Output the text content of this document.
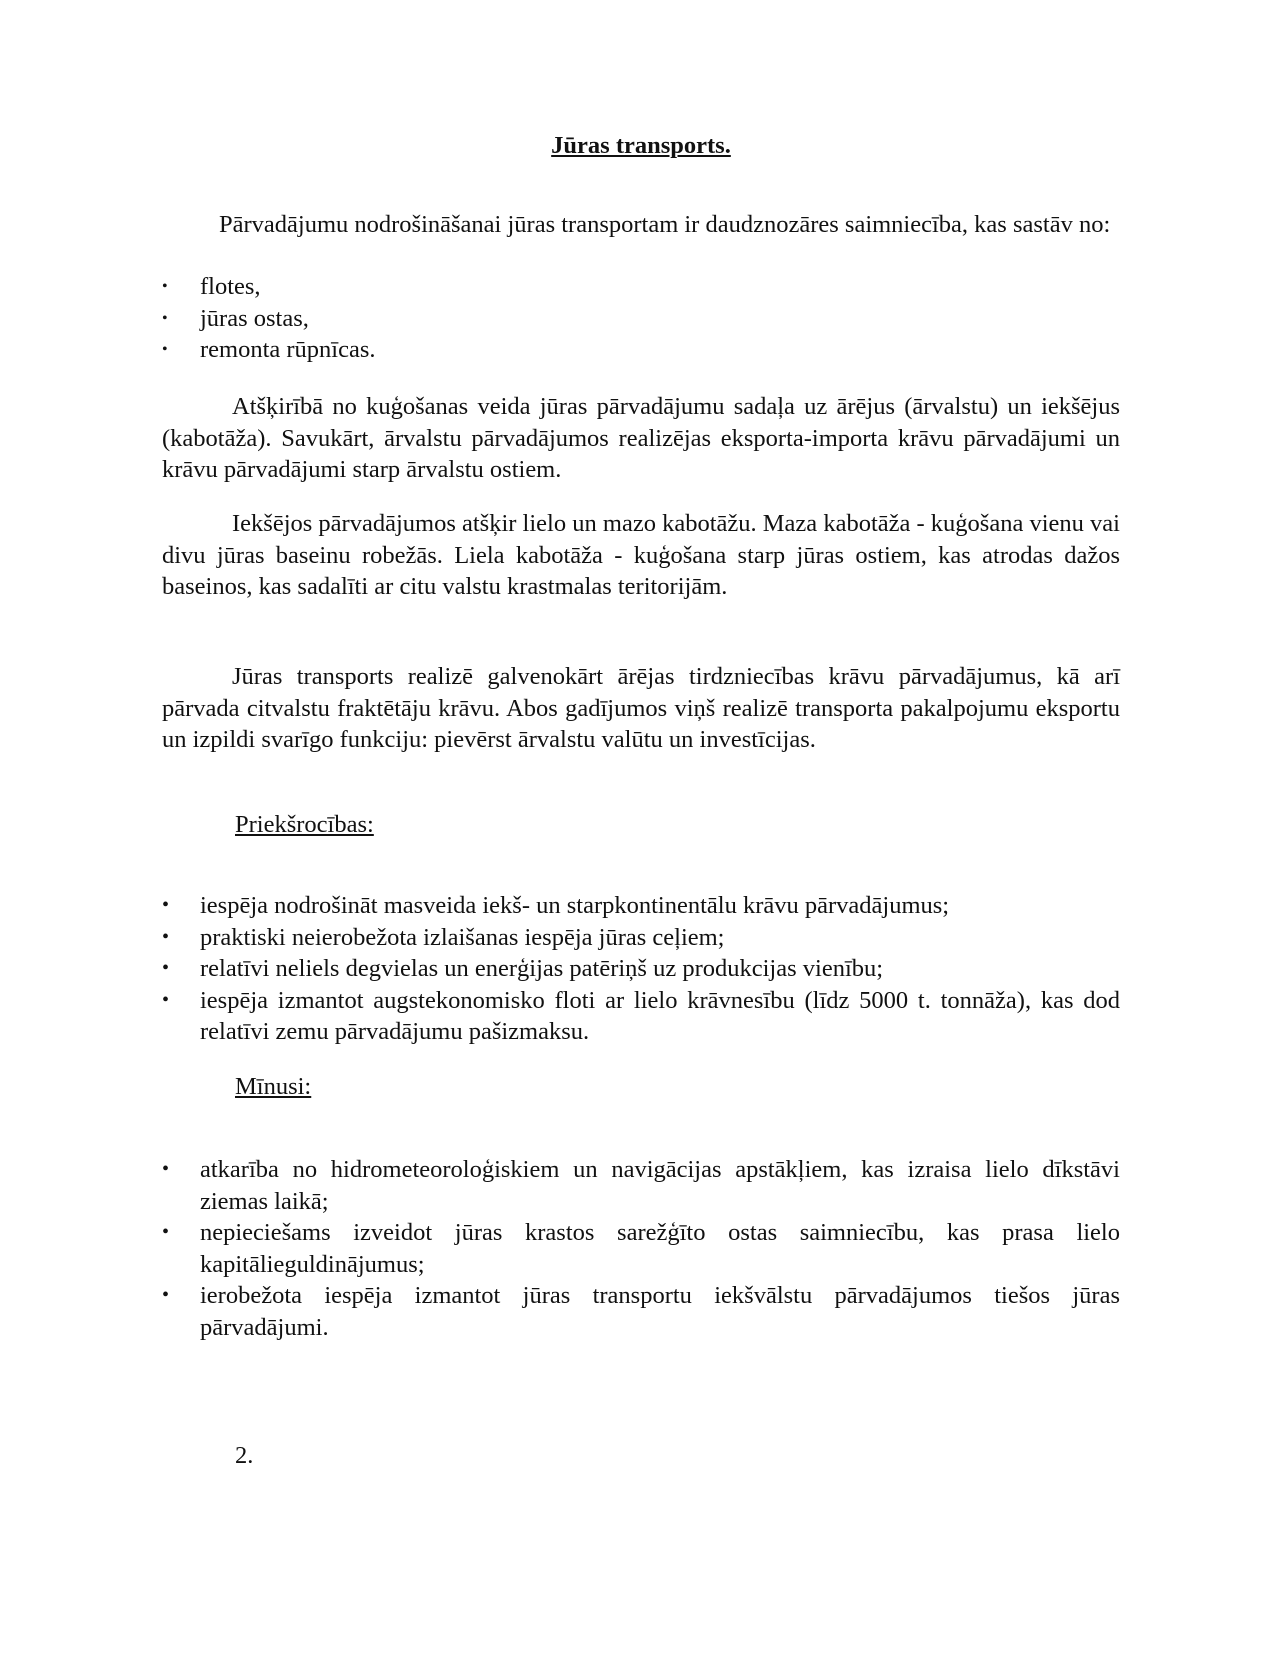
Jūras transports.

Pārvadājumu nodrošināšanai jūras transportam ir daudznozāres saimniecība, kas sastāv no:

• flotes,
• jūras ostas,
• remonta rūpnīcas.

Atšķirībā no kuģošanas veida jūras pārvadājumu sadaļa uz ārējus (ārvalstu) un iekšējus (kabotāža). Savukārt, ārvalstu pārvadājumos realizējas eksporta-importa krāvu pārvadājumi un krāvu pārvadājumi starp ārvalstu ostiem.

Iekšējos pārvadājumos atšķir lielo un mazo kabotāžu. Maza kabotāža - kuģošana vienu vai divu jūras baseinu robežās. Liela kabotāža - kuģošana starp jūras ostiem, kas atrodas dažos baseinos, kas sadalīti ar citu valstu krastmalas teritorijām.

Jūras transports realizē galvenokārt ārējas tirdzniecības krāvu pārvadājumus, kā arī pārvada citvalstu fraktētāju krāvu. Abos gadījumos viņš realizē transporta pakalpojumu eksportu un izpildi svarīgo funkciju: pievērst ārvalstu valūtu un investīcijas.

Priekšrocības:
• iespēja nodrošināt masveida iekš- un starpkontinentālu krāvu pārvadājumus;
• praktiski neierobežota izlaišanas iespēja jūras ceļiem;
• relatīvi neliels degvielas un enerģijas patēriņš uz produkcijas vienību;
• iespēja izmantot augstekonomisko floti ar lielo krāvnesību (līdz 5000 t. tonnāža), kas dod relatīvi zemu pārvadājumu pašizmaksu.
Mīnusi:
• atkarība no hidrometeoroloģiskiem un navigācijas apstākļiem, kas izraisa lielo dīkstāvi ziemas laikā;
• nepieciešams izveidot jūras krastos sarežģīto ostas saimniecību, kas prasa lielo kapitālieguldinājumus;
• ierobežota iespēja izmantot jūras transportu iekšvālstu pārvadājumos tiešos jūras pārvadājumi.
2.
